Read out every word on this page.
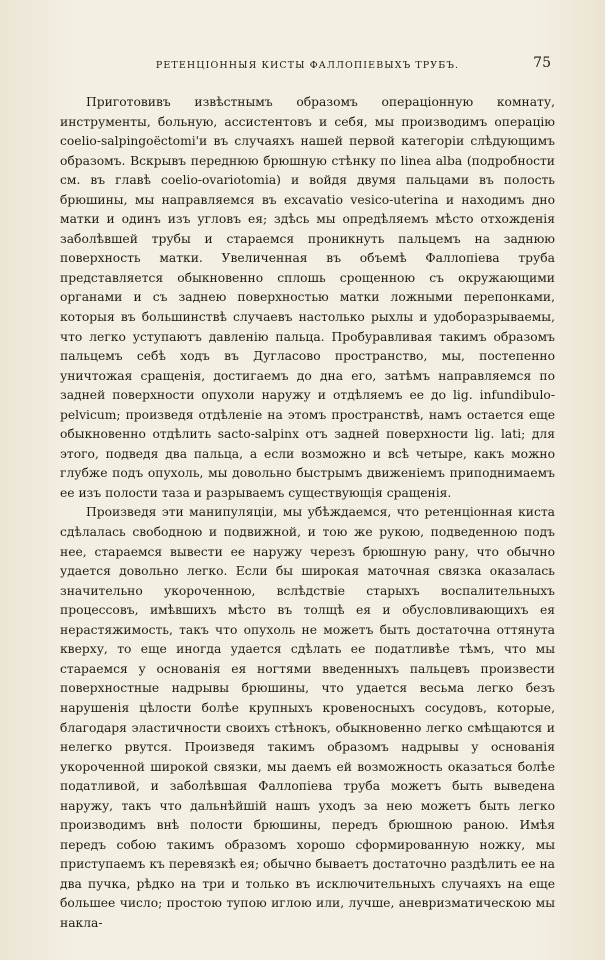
РЕТЕНЦІОННЫЯ КИСТЫ ФАЛЛОПІЕВЫХЪ ТРУБЪ.	75

Приготовивъ извѣстнымъ образомъ операціонную комнату, инструменты, больную, ассистентовъ и себя, мы производимъ операцію coelio-salpingoëctomi'и въ случаяхъ нашей первой категоріи слѣдующимъ образомъ. Вскрывъ переднюю брюшную стѣнку по linea alba (подробности см. въ главѣ coelio-ovariotomia) и войдя двумя пальцами въ полость брюшины, мы направляемся въ excavatio vesico-uterina и находимъ дно матки и одинъ изъ угловъ ея; здѣсь мы опредѣляемъ мѣсто отхожденія заболѣвшей трубы и стараемся проникнуть пальцемъ на заднюю поверхность матки. Увеличенная въ объемѣ Фаллопіева труба представляется обыкновенно сплошь срощенною съ окружающими органами и съ заднею поверхностью матки ложными перепонками, которыя въ большинствѣ случаевъ настолько рыхлы и удоборазрываемы, что легко уступаютъ давленію пальца. Пробуравливая такимъ образомъ пальцемъ себѣ ходъ въ Дугласово пространство, мы, постепенно уничтожая сращенія, достигаемъ до дна его, затѣмъ направляемся по задней поверхности опухоли наружу и отдѣляемъ ее до lig. infundibulo-pelvicum; произведя отдѣленіе на этомъ пространствѣ, намъ остается еще обыкновенно отдѣлить sacto-salpinx отъ задней поверхности lig. lati; для этого, подведя два пальца, а если возможно и всѣ четыре, какъ можно глубже подъ опухоль, мы довольно быстрымъ движеніемъ приподнимаемъ ее изъ полости таза и разрываемъ существующія сращенія.

Произведя эти манипуляціи, мы убѣждаемся, что ретенціонная киста сдѣлалась свободною и подвижной, и тою же рукою, подведенною подъ нее, стараемся вывести ее наружу черезъ брюшную рану, что обычно удается довольно легко. Если бы широкая маточная связка оказалась значительно укороченною, вслѣдствіе старыхъ воспалительныхъ процессовъ, имѣвшихъ мѣсто въ толщѣ ея и обусловливающихъ ея нерастяжимость, такъ что опухоль не можетъ быть достаточна оттянута кверху, то еще иногда удается сдѣлать ее податливѣе тѣмъ, что мы стараемся у основанія ея ногтями введенныхъ пальцевъ произвести поверхностные надрывы брюшины, что удается весьма легко безъ нарушенія цѣлости болѣе крупныхъ кровеносныхъ сосудовъ, которые, благодаря эластичности своихъ стѣнокъ, обыкновенно легко смѣщаются и нелегко рвутся. Произведя такимъ образомъ надрывы у основанія укороченной широкой связки, мы даемъ ей возможность оказаться болѣе податливой, и заболѣвшая Фаллопіева труба можетъ быть выведена наружу, такъ что дальнѣйшій нашъ уходъ за нею можетъ быть легко производимъ внѣ полости брюшины, передъ брюшною раною. Имѣя передъ собою такимъ образомъ хорошо сформированную ножку, мы приступаемъ къ перевязкѣ ея; обычно бываетъ достаточно раздѣлить ее на два пучка, рѣдко на три и только въ исключительныхъ случаяхъ на еще большее число; простою тупою иглою или, лучше, аневризматическою мы накла-
